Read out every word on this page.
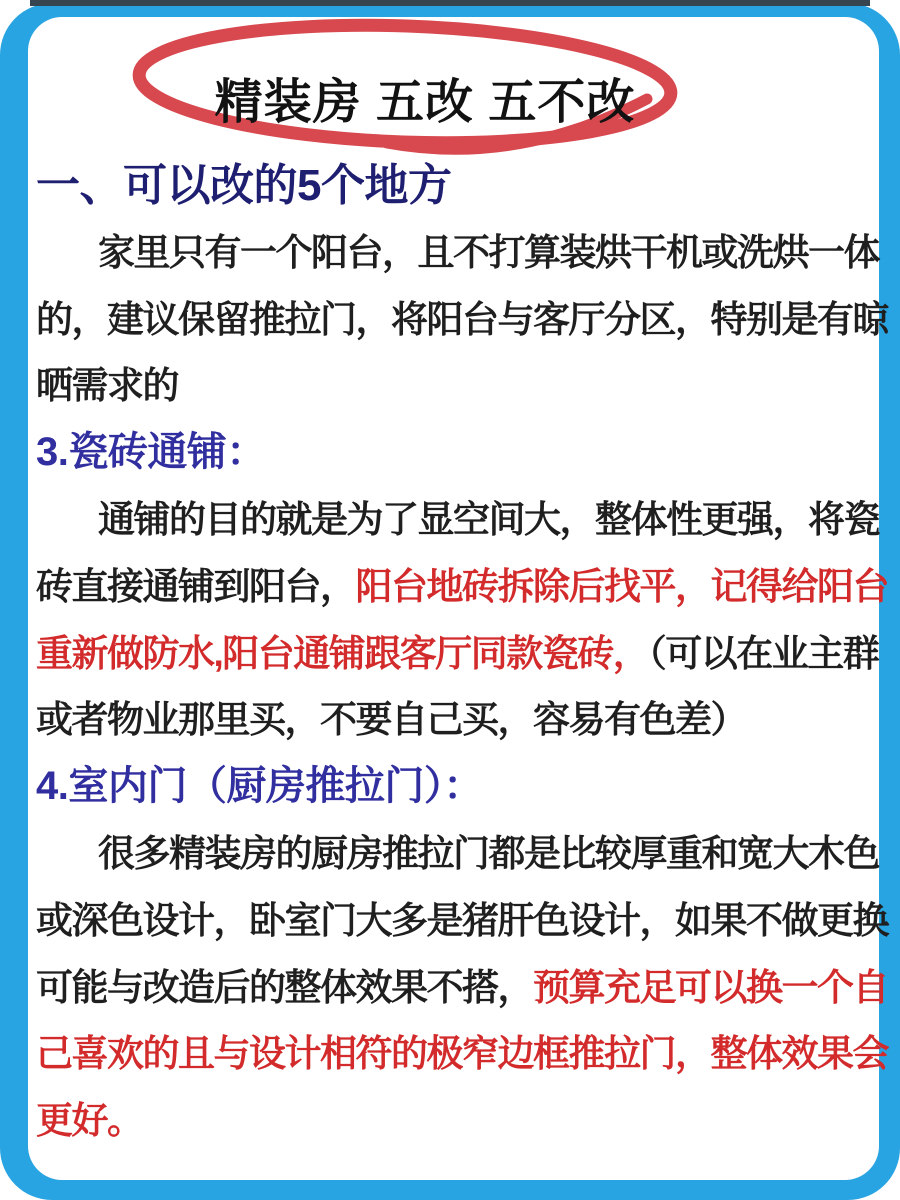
精装房 五改 五不改
一、可以改的5个地方
家里只有一个阳台，且不打算装烘干机或洗烘一体
的，建议保留推拉门，将阳台与客厅分区，特别是有晾
晒需求的
3.瓷砖通铺：
通铺的目的就是为了显空间大，整体性更强，将瓷
砖直接通铺到阳台，阳台地砖拆除后找平，记得给阳台
重新做防水,阳台通铺跟客厅同款瓷砖，（可以在业主群
或者物业那里买，不要自己买，容易有色差）
4.室内门（厨房推拉门）：
很多精装房的厨房推拉门都是比较厚重和宽大木色
或深色设计，卧室门大多是猪肝色设计，如果不做更换
可能与改造后的整体效果不搭，预算充足可以换一个自
己喜欢的且与设计相符的极窄边框推拉门，整体效果会
更好。
